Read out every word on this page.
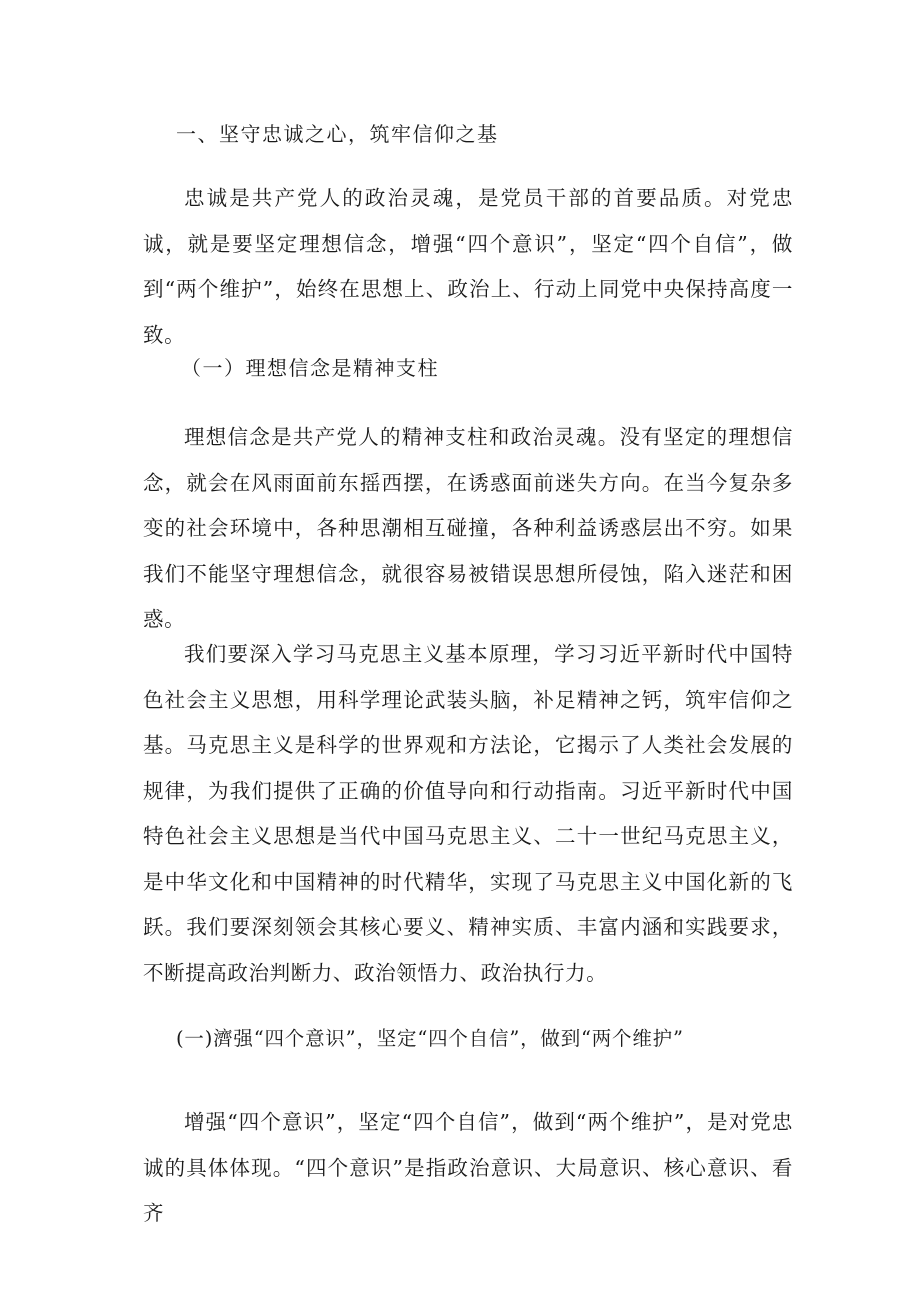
一、坚守忠诚之心，筑牢信仰之基

忠诚是共产党人的政治灵魂，是党员干部的首要品质。对党忠诚，就是要坚定理想信念，增强“四个意识”，坚定“四个自信”，做到“两个维护”，始终在思想上、政治上、行动上同党中央保持高度一致。

（一）理想信念是精神支柱

理想信念是共产党人的精神支柱和政治灵魂。没有坚定的理想信念，就会在风雨面前东摇西摆，在诱惑面前迷失方向。在当今复杂多变的社会环境中，各种思潮相互碰撞，各种利益诱惑层出不穷。如果我们不能坚守理想信念，就很容易被错误思想所侵蚀，陷入迷茫和困惑。

我们要深入学习马克思主义基本原理，学习习近平新时代中国特色社会主义思想，用科学理论武装头脑，补足精神之钙，筑牢信仰之基。马克思主义是科学的世界观和方法论，它揭示了人类社会发展的规律，为我们提供了正确的价值导向和行动指南。习近平新时代中国特色社会主义思想是当代中国马克思主义、二十一世纪马克思主义，是中华文化和中国精神的时代精华，实现了马克思主义中国化新的飞跃。我们要深刻领会其核心要义、精神实质、丰富内涵和实践要求，不断提高政治判断力、政治领悟力、政治执行力。

(一)濟强“四个意识”，坚定“四个自信”，做到“两个维护”

增强“四个意识”，坚定“四个自信”，做到“两个维护”，是对党忠诚的具体体现。“四个意识”是指政治意识、大局意识、核心意识、看齐
